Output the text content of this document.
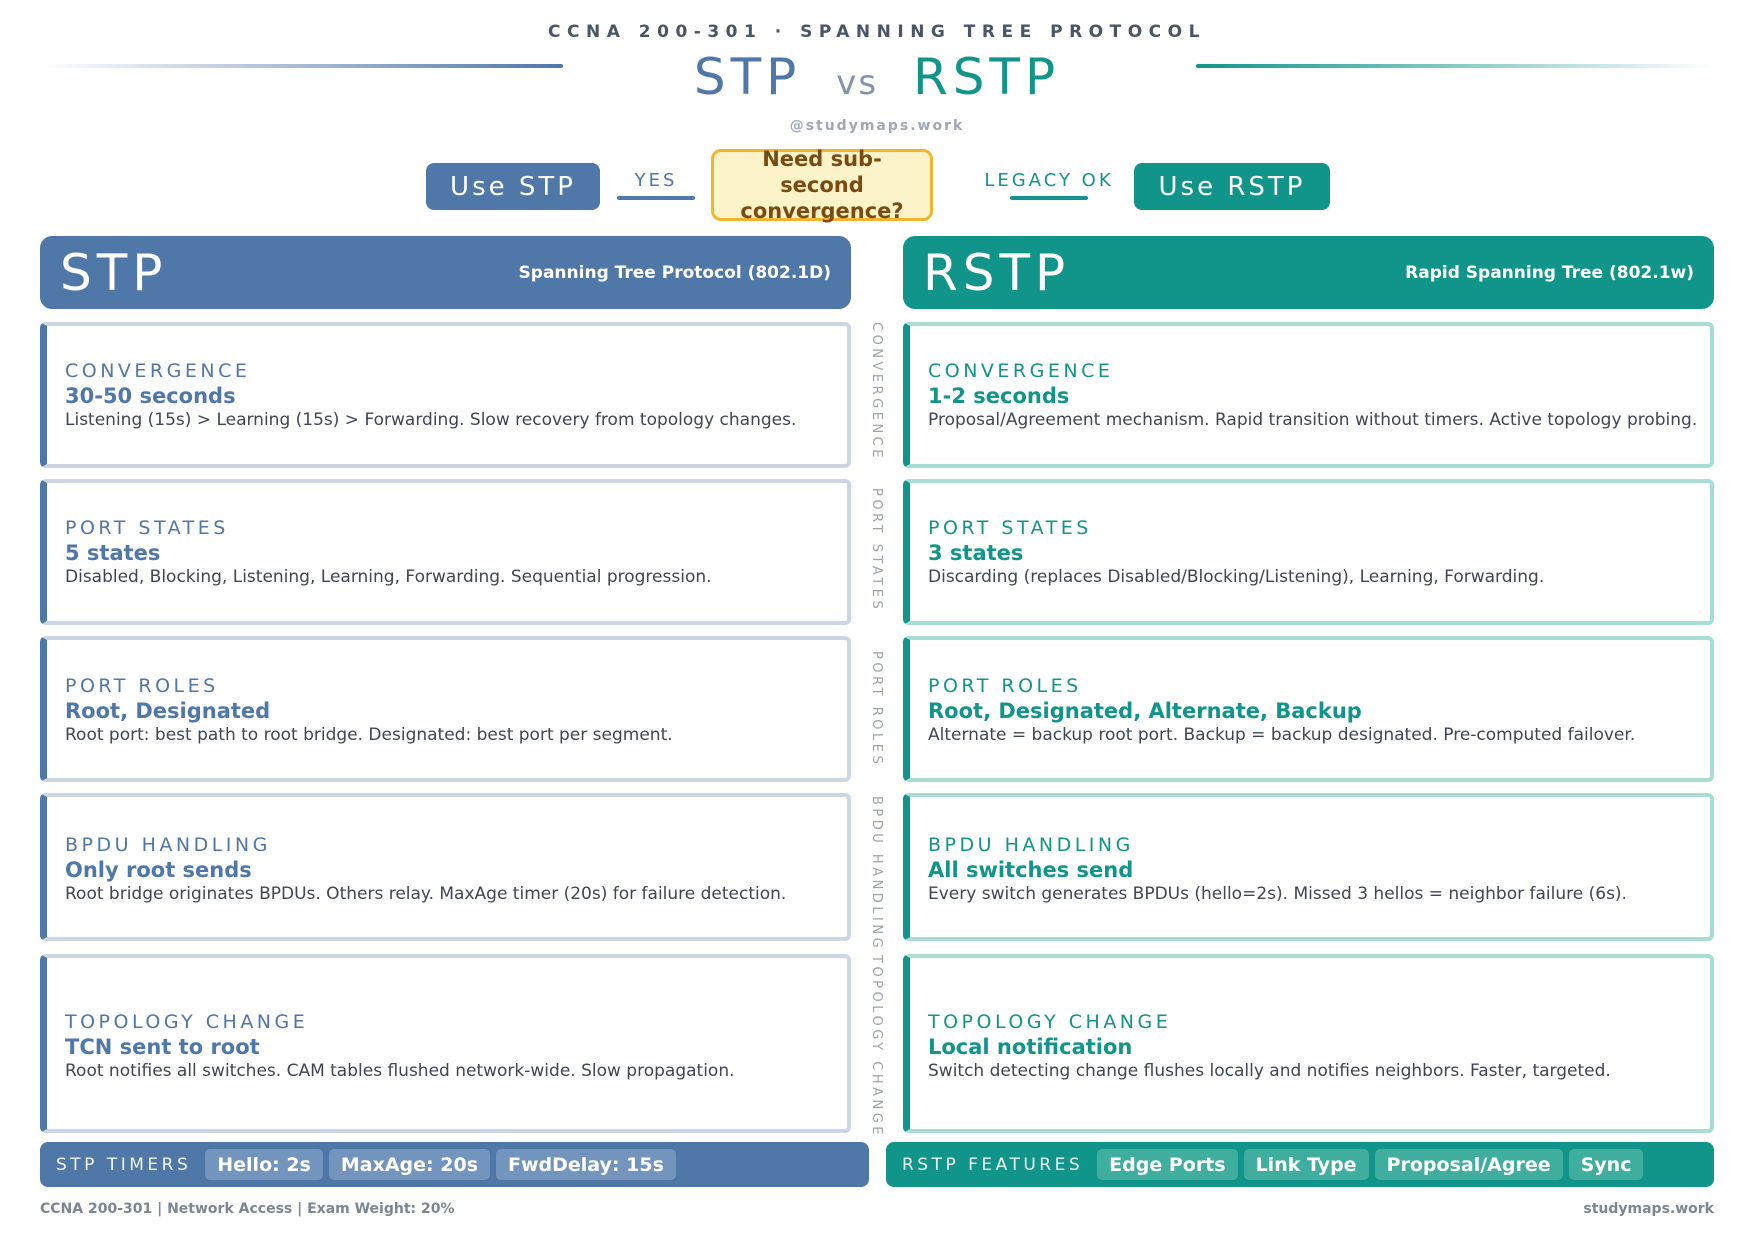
CCNA 200-301 · SPANNING TREE PROTOCOL
STP vs RSTP
@studymaps.work
Use STP	YES
Need sub-second convergence?
LEGACY OK	Use RSTP
STP	Spanning Tree Protocol (802.1D) RSTP	Rapid Spanning Tree (802.1w)
CONVERGENCE
30-50 seconds
Listening (15s) > Learning (15s) > Forwarding. Slow recovery from topology changes.	CONVERGENCE CONVERGENCE
1-2 seconds
Proposal/Agreement mechanism. Rapid transition without timers. Active topology probing.
PORT STATES
5 states
Disabled, Blocking, Listening, Learning, Forwarding. Sequential progression.	PORT STATES PORT STATES
3 states
Discarding (replaces Disabled/Blocking/Listening), Learning, Forwarding.
PORT ROLES
Root, Designated
Root port: best path to root bridge. Designated: best port per segment.	PORT ROLES PORT ROLES
Root, Designated, Alternate, Backup
Alternate = backup root port. Backup = backup designated. Pre-computed failover.
BPDU HANDLING
Only root sends
Root bridge originates BPDUs. Others relay. MaxAge timer (20s) for failure detection.	BPDU HANDLING BPDU HANDLING
All switches send
Every switch generates BPDUs (hello=2s). Missed 3 hellos = neighbor failure (6s).
TOPOLOGY CHANGE
TCN sent to root
Root notifies all switches. CAM tables flushed network-wide. Slow propagation.	TOPOLOGY CHANGE TOPOLOGY CHANGE
Local notification
Switch detecting change flushes locally and notifies neighbors. Faster, targeted.
STP TIMERS	Hello: 2s	MaxAge: 20s	FwdDelay: 15s	RSTP FEATURES	Edge Ports	Link Type	Proposal/Agree	Sync
CCNA 200-301 | Network Access | Exam Weight: 20%	studymaps.work
